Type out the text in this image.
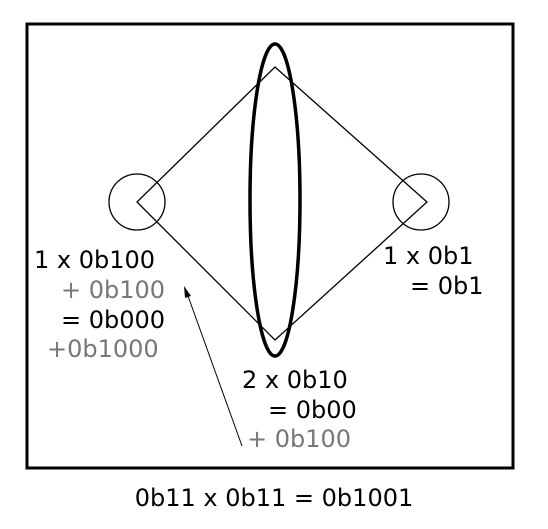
1 x 0b100
+ 0b100
= 0b000
+0b1000
1 x 0b1
= 0b1
2 x 0b10
= 0b00
+ 0b100
0b11 x 0b11 = 0b1001
